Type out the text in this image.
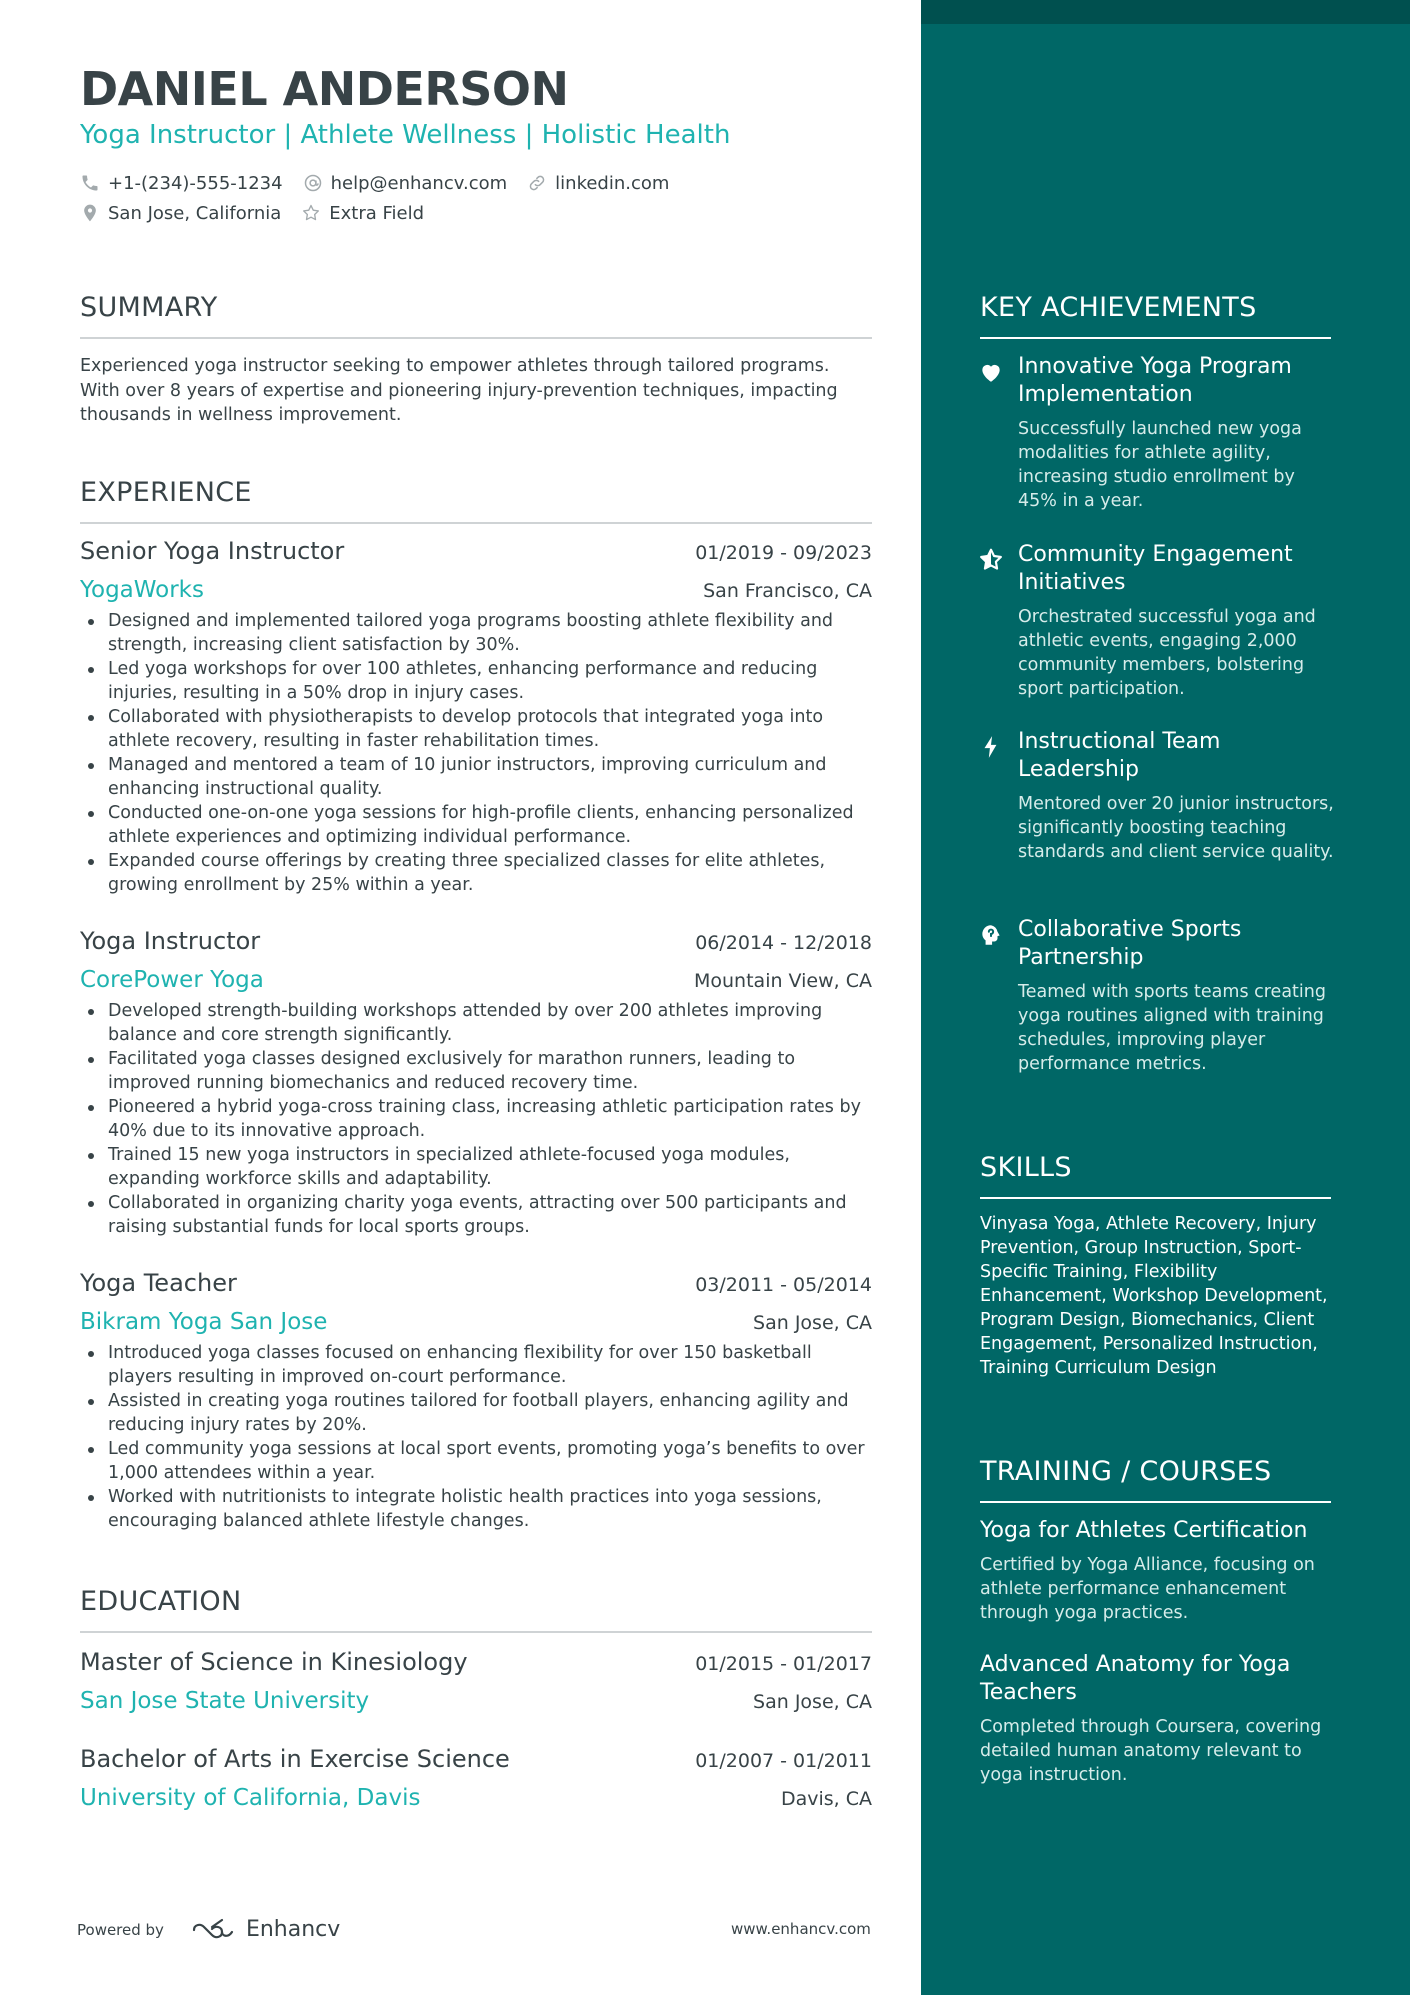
DANIEL ANDERSON
Yoga Instructor | Athlete Wellness | Holistic Health
+1-(234)-555-1234	help@enhancv.com	linkedin.com
San Jose, California	Extra Field
SUMMARY
Experienced yoga instructor seeking to empower athletes through tailored programs. With over 8 years of expertise and pioneering injury-prevention techniques, impacting thousands in wellness improvement.
EXPERIENCE
Senior Yoga Instructor	01/2019 - 09/2023
YogaWorks	San Francisco, CA
Designed and implemented tailored yoga programs boosting athlete flexibility and strength, increasing client satisfaction by 30%.
Led yoga workshops for over 100 athletes, enhancing performance and reducing injuries, resulting in a 50% drop in injury cases.
Collaborated with physiotherapists to develop protocols that integrated yoga into athlete recovery, resulting in faster rehabilitation times.
Managed and mentored a team of 10 junior instructors, improving curriculum and enhancing instructional quality.
Conducted one-on-one yoga sessions for high-profile clients, enhancing personalized athlete experiences and optimizing individual performance.
Expanded course offerings by creating three specialized classes for elite athletes, growing enrollment by 25% within a year.
Yoga Instructor	06/2014 - 12/2018
CorePower Yoga	Mountain View, CA
Developed strength-building workshops attended by over 200 athletes improving balance and core strength significantly.
Facilitated yoga classes designed exclusively for marathon runners, leading to improved running biomechanics and reduced recovery time.
Pioneered a hybrid yoga-cross training class, increasing athletic participation rates by 40% due to its innovative approach.
Trained 15 new yoga instructors in specialized athlete-focused yoga modules, expanding workforce skills and adaptability.
Collaborated in organizing charity yoga events, attracting over 500 participants and raising substantial funds for local sports groups.
Yoga Teacher	03/2011 - 05/2014
Bikram Yoga San Jose	San Jose, CA
Introduced yoga classes focused on enhancing flexibility for over 150 basketball players resulting in improved on-court performance.
Assisted in creating yoga routines tailored for football players, enhancing agility and reducing injury rates by 20%.
Led community yoga sessions at local sport events, promoting yoga’s benefits to over 1,000 attendees within a year.
Worked with nutritionists to integrate holistic health practices into yoga sessions, encouraging balanced athlete lifestyle changes.
EDUCATION
Master of Science in Kinesiology	01/2015 - 01/2017
San Jose State University	San Jose, CA
Bachelor of Arts in Exercise Science	01/2007 - 01/2011
University of California, Davis	Davis, CA
Powered by	Enhancv	www.enhancv.com
KEY ACHIEVEMENTS
Innovative Yoga Program Implementation
Successfully launched new yoga modalities for athlete agility, increasing studio enrollment by 45% in a year.
Community Engagement Initiatives
Orchestrated successful yoga and athletic events, engaging 2,000 community members, bolstering sport participation.
Instructional Team Leadership
Mentored over 20 junior instructors, significantly boosting teaching standards and client service quality.
Collaborative Sports Partnership
Teamed with sports teams creating yoga routines aligned with training schedules, improving player performance metrics.
SKILLS
Vinyasa Yoga, Athlete Recovery, Injury Prevention, Group Instruction, Sport-Specific Training, Flexibility Enhancement, Workshop Development, Program Design, Biomechanics, Client Engagement, Personalized Instruction, Training Curriculum Design
TRAINING / COURSES
Yoga for Athletes Certification
Certified by Yoga Alliance, focusing on athlete performance enhancement through yoga practices.
Advanced Anatomy for Yoga Teachers
Completed through Coursera, covering detailed human anatomy relevant to yoga instruction.
